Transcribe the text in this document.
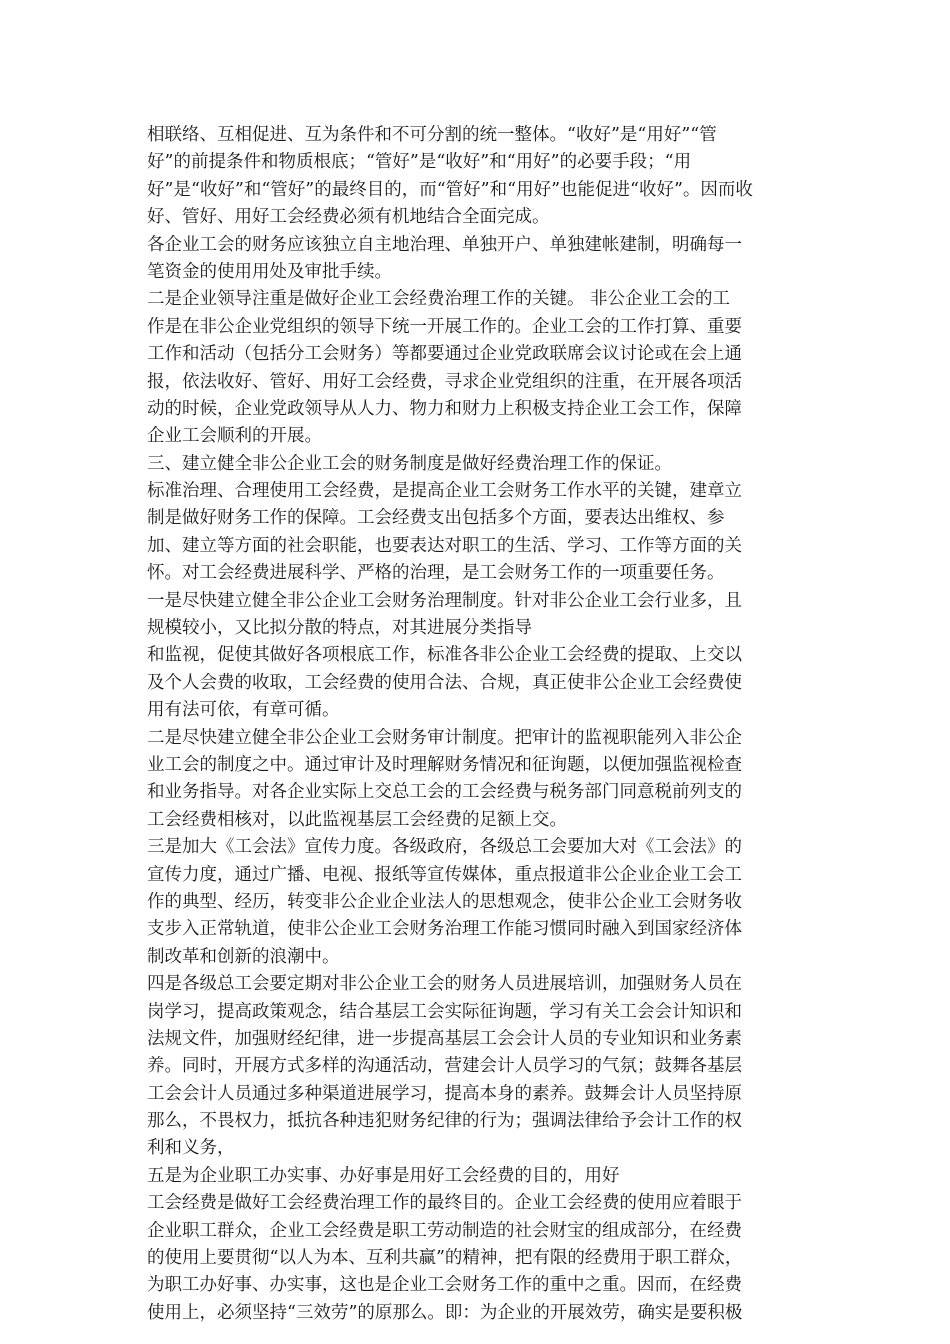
相联络、互相促进、互为条件和不可分割的统一整体。“收好”是“用好”“管
好”的前提条件和物质根底；“管好”是“收好”和“用好”的必要手段；“用
好”是“收好”和“管好”的最终目的，而“管好”和“用好”也能促进“收好”。因而收
好、管好、用好工会经费必须有机地结合全面完成。
各企业工会的财务应该独立自主地治理、单独开户、单独建帐建制，明确每一
笔资金的使用用处及审批手续。
二是企业领导注重是做好企业工会经费治理工作的关键。 非公企业工会的工
作是在非公企业党组织的领导下统一开展工作的。企业工会的工作打算、重要
工作和活动（包括分工会财务）等都要通过企业党政联席会议讨论或在会上通
报，依法收好、管好、用好工会经费，寻求企业党组织的注重，在开展各项活
动的时候，企业党政领导从人力、物力和财力上积极支持企业工会工作，保障
企业工会顺利的开展。
三、建立健全非公企业工会的财务制度是做好经费治理工作的保证。
标准治理、合理使用工会经费，是提高企业工会财务工作水平的关键，建章立
制是做好财务工作的保障。工会经费支出包括多个方面，要表达出维权、参
加、建立等方面的社会职能，也要表达对职工的生活、学习、工作等方面的关
怀。对工会经费进展科学、严格的治理，是工会财务工作的一项重要任务。
一是尽快建立健全非公企业工会财务治理制度。针对非公企业工会行业多，且
规模较小，又比拟分散的特点，对其进展分类指导
和监视，促使其做好各项根底工作，标准各非公企业工会经费的提取、上交以
及个人会费的收取，工会经费的使用合法、合规，真正使非公企业工会经费使
用有法可依，有章可循。
二是尽快建立健全非公企业工会财务审计制度。把审计的监视职能列入非公企
业工会的制度之中。通过审计及时理解财务情况和征询题，以便加强监视检查
和业务指导。对各企业实际上交总工会的工会经费与税务部门同意税前列支的
工会经费相核对，以此监视基层工会经费的足额上交。
三是加大《工会法》宣传力度。各级政府，各级总工会要加大对《工会法》的
宣传力度，通过广播、电视、报纸等宣传媒体，重点报道非公企业企业工会工
作的典型、经历，转变非公企业企业法人的思想观念，使非公企业工会财务收
支步入正常轨道，使非公企业工会财务治理工作能习惯同时融入到国家经济体
制改革和创新的浪潮中。
四是各级总工会要定期对非公企业工会的财务人员进展培训，加强财务人员在
岗学习，提高政策观念，结合基层工会实际征询题，学习有关工会会计知识和
法规文件，加强财经纪律，进一步提高基层工会会计人员的专业知识和业务素
养。同时，开展方式多样的沟通活动，营建会计人员学习的气氛；鼓舞各基层
工会会计人员通过多种渠道进展学习，提高本身的素养。鼓舞会计人员坚持原
那么，不畏权力，抵抗各种违犯财务纪律的行为；强调法律给予会计工作的权
利和义务，
五是为企业职工办实事、办好事是用好工会经费的目的，用好
工会经费是做好工会经费治理工作的最终目的。企业工会经费的使用应着眼于
企业职工群众，企业工会经费是职工劳动制造的社会财宝的组成部分，在经费
的使用上要贯彻“以人为本、互利共赢”的精神，把有限的经费用于职工群众，
为职工办好事、办实事，这也是企业工会财务工作的重中之重。因而，在经费
使用上，必须坚持“三效劳”的原那么。即：为企业的开展效劳，确实是要积极
